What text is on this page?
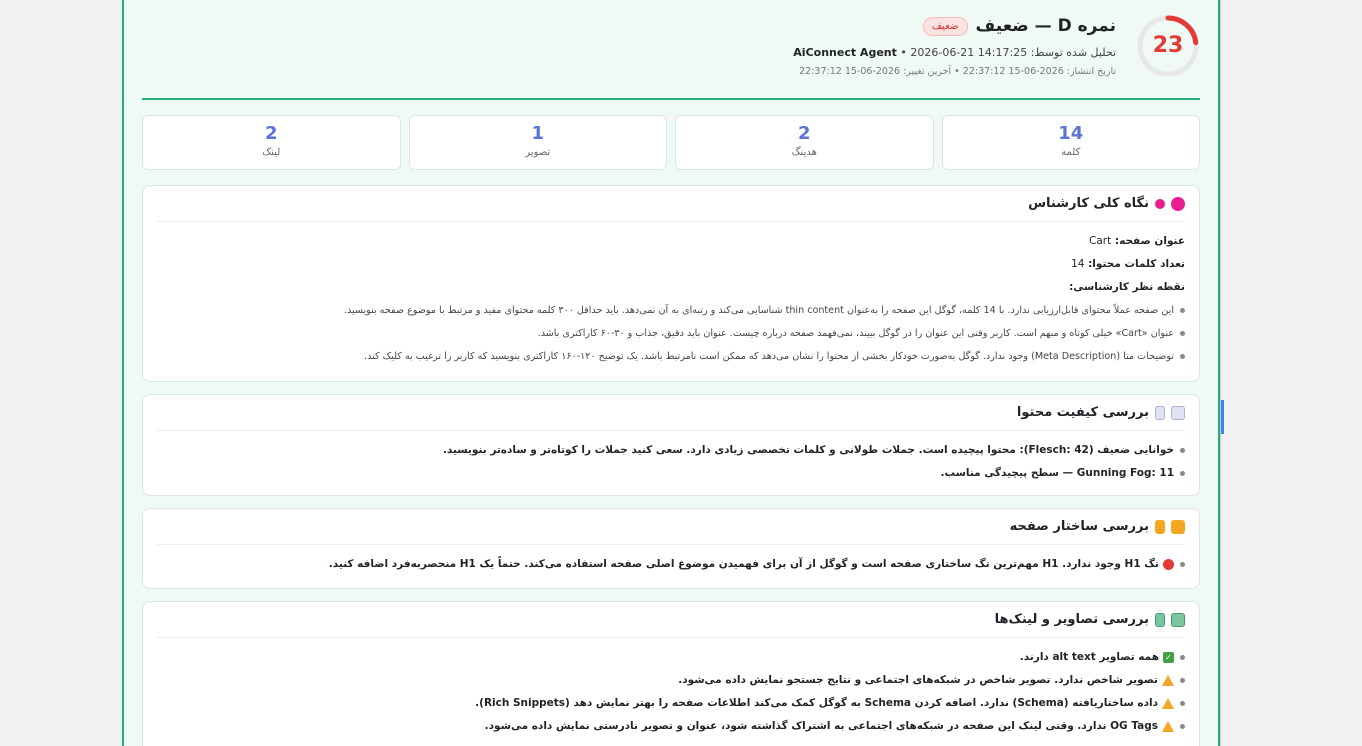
23
نمره D — ضعیف
ضعیف
تحلیل شده توسط: AiConnect Agent • 2026-06-21 14:17:25
تاریخ انتشار: 2026-06-15 22:37:12 • آخرین تغییر: 2026-06-15 22:37:12
14
کلمه
2
هدینگ
1
تصویر
2
لینک
نگاه کلی کارشناس
عنوان صفحه: Cart
تعداد کلمات محتوا: 14
نقطه نظر کارشناسی:
این صفحه عملاً محتوای قابل‌ارزیابی ندارد. با 14 کلمه، گوگل این صفحه را به‌عنوان thin content شناسایی می‌کند و رتبه‌ای به آن نمی‌دهد. باید حداقل ۳۰۰ کلمه محتوای مفید و مرتبط با موضوع صفحه بنویسید.
عنوان «Cart» خیلی کوتاه و مبهم است. کاربر وقتی این عنوان را در گوگل ببیند، نمی‌فهمد صفحه درباره چیست. عنوان باید دقیق، جذاب و ۳۰-۶۰ کاراکتری باشد.
توضیحات متا (Meta Description) وجود ندارد. گوگل به‌صورت خودکار بخشی از محتوا را نشان می‌دهد که ممکن است نامرتبط باشد. یک توضیح ۱۲۰-۱۶۰ کاراکتری بنویسید که کاربر را ترغیب به کلیک کند.
بررسی کیفیت محتوا
خوانایی ضعیف (Flesch: 42): محتوا پیچیده است. جملات طولانی و کلمات تخصصی زیادی دارد. سعی کنید جملات را کوتاه‌تر و ساده‌تر بنویسید.
Gunning Fog: 11 — سطح پیچیدگی مناسب.
بررسی ساختار صفحه
تگ H1 وجود ندارد. H1 مهم‌ترین تگ ساختاری صفحه است و گوگل از آن برای فهمیدن موضوع اصلی صفحه استفاده می‌کند. حتماً یک H1 منحصربه‌فرد اضافه کنید.
بررسی تصاویر و لینک‌ها
✓همه تصاویر alt text دارند.
تصویر شاخص ندارد. تصویر شاخص در شبکه‌های اجتماعی و نتایج جستجو نمایش داده می‌شود.
داده ساختاریافته (Schema) ندارد. اضافه کردن Schema به گوگل کمک می‌کند اطلاعات صفحه را بهتر نمایش دهد (Rich Snippets).
OG Tags ندارد. وقتی لینک این صفحه در شبکه‌های اجتماعی به اشتراک گذاشته شود، عنوان و تصویر نادرستی نمایش داده می‌شود.
